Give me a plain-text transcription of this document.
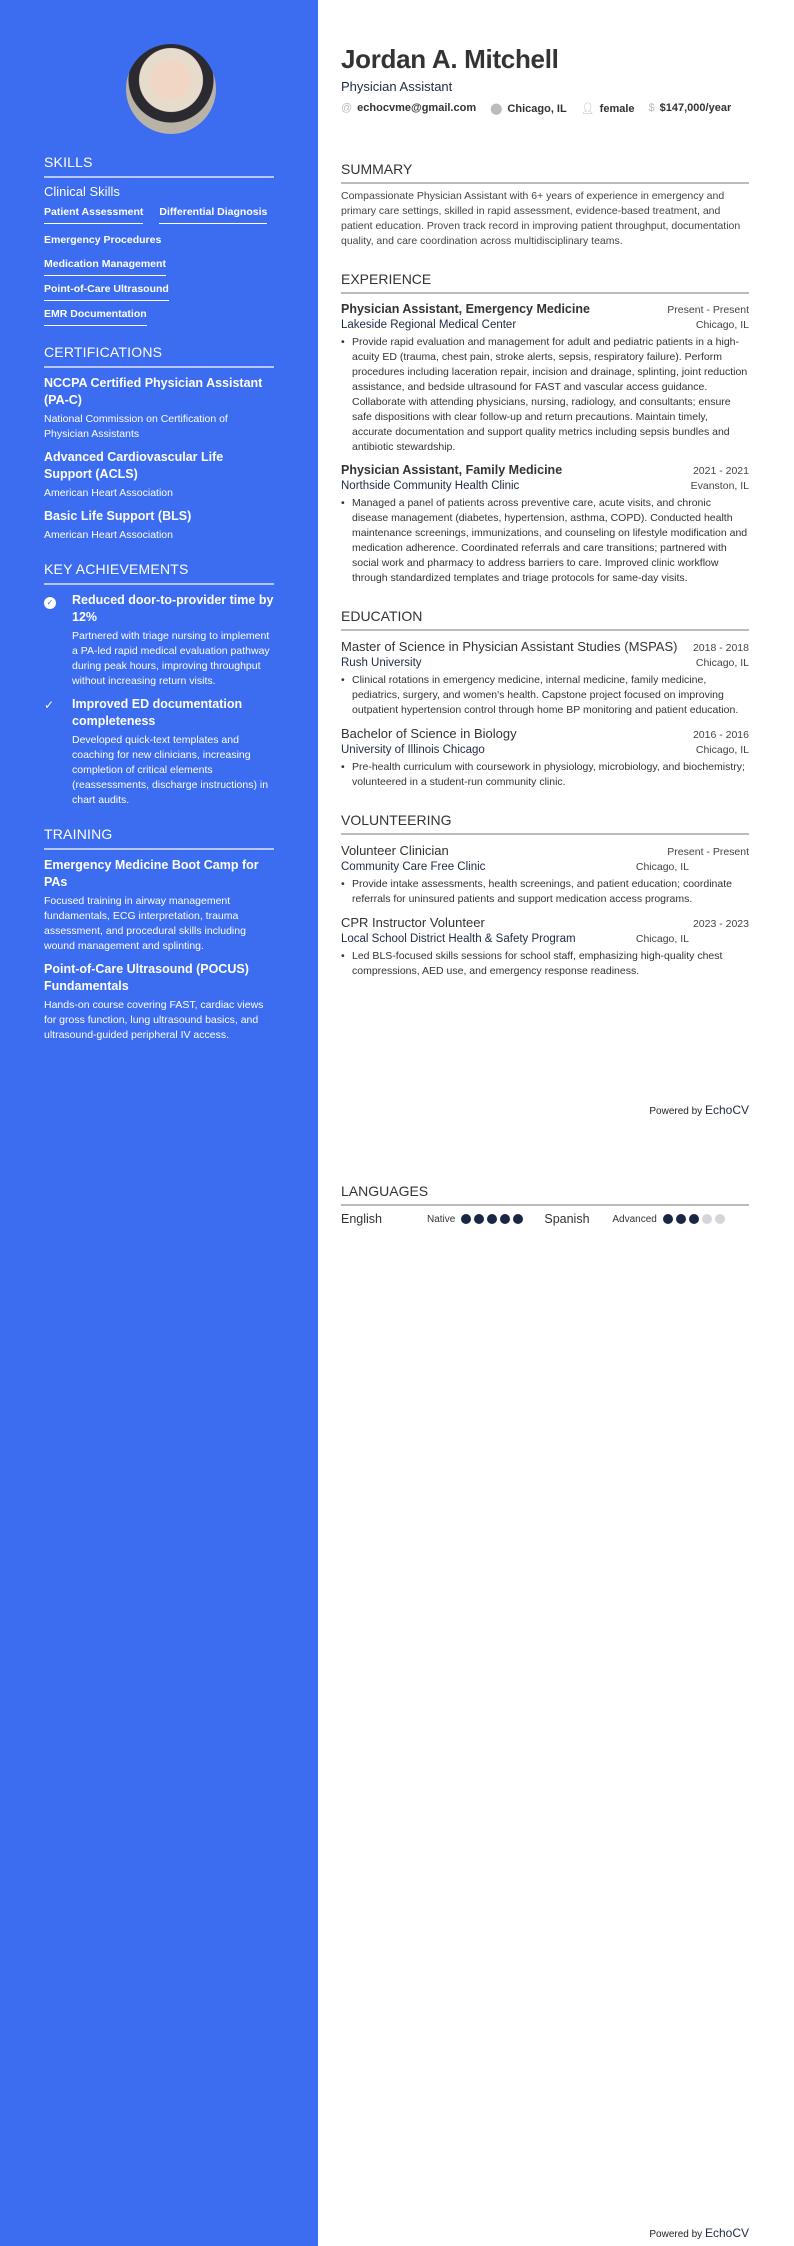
SKILLS
Clinical Skills
Patient Assessment Differential Diagnosis
Emergency Procedures
Medication Management
Point-of-Care Ultrasound
EMR Documentation
CERTIFICATIONS
NCCPA Certified Physician Assistant (PA-C)
National Commission on Certification of Physician Assistants
Advanced Cardiovascular Life Support (ACLS)
American Heart Association
Basic Life Support (BLS)
American Heart Association
KEY ACHIEVEMENTS
✓	Reduced door-to-provider time by 12%
Partnered with triage nursing to implement a PA-led rapid medical evaluation pathway during peak hours, improving throughput without increasing return visits.
✓	Improved ED documentation completeness
Developed quick-text templates and coaching for new clinicians, increasing completion of critical elements (reassessments, discharge instructions) in chart audits.
TRAINING
Emergency Medicine Boot Camp for PAs
Focused training in airway management fundamentals, ECG interpretation, trauma assessment, and procedural skills including wound management and splinting.
Point-of-Care Ultrasound (POCUS) Fundamentals
Hands-on course covering FAST, cardiac views for gross function, lung ultrasound basics, and ultrasound-guided peripheral IV access.
Jordan A. Mitchell
Physician Assistant
@ echocvme@gmail.com ⬤ Chicago, IL 👤︎ female $ $147,000/year
SUMMARY
Compassionate Physician Assistant with 6+ years of experience in emergency and primary care settings, skilled in rapid assessment, evidence-based treatment, and patient education. Proven track record in improving patient throughput, documentation quality, and care coordination across multidisciplinary teams.
EXPERIENCE
Physician Assistant, Emergency Medicine	Present - Present
Lakeside Regional Medical Center	Chicago, IL
• Provide rapid evaluation and management for adult and pediatric patients in a high-acuity ED (trauma, chest pain, stroke alerts, sepsis, respiratory failure). Perform procedures including laceration repair, incision and drainage, splinting, joint reduction assistance, and bedside ultrasound for FAST and vascular access guidance. Collaborate with attending physicians, nursing, radiology, and consultants; ensure safe dispositions with clear follow-up and return precautions. Maintain timely, accurate documentation and support quality metrics including sepsis bundles and antibiotic stewardship.
Physician Assistant, Family Medicine	2021 - 2021
Northside Community Health Clinic	Evanston, IL
• Managed a panel of patients across preventive care, acute visits, and chronic disease management (diabetes, hypertension, asthma, COPD). Conducted health maintenance screenings, immunizations, and counseling on lifestyle modification and medication adherence. Coordinated referrals and care transitions; partnered with social work and pharmacy to address barriers to care. Improved clinic workflow through standardized templates and triage protocols for same-day visits.
EDUCATION
Master of Science in Physician Assistant Studies (MSPAS) 2018 - 2018
Rush University	Chicago, IL
• Clinical rotations in emergency medicine, internal medicine, family medicine, pediatrics, surgery, and women's health. Capstone project focused on improving outpatient hypertension control through home BP monitoring and patient education.
Bachelor of Science in Biology	2016 - 2016
University of Illinois Chicago	Chicago, IL
• Pre-health curriculum with coursework in physiology, microbiology, and biochemistry; volunteered in a student-run community clinic.
VOLUNTEERING
Volunteer Clinician	Present - Present
Community Care Free Clinic	Chicago, IL
• Provide intake assessments, health screenings, and patient education; coordinate referrals for uninsured patients and support medication access programs.
CPR Instructor Volunteer	2023 - 2023
Local School District Health & Safety Program	Chicago, IL
• Led BLS-focused skills sessions for school staff, emphasizing high-quality chest compressions, AED use, and emergency response readiness.
Powered by EchoCV
LANGUAGES
English	Native	Spanish	Advanced
Powered by EchoCV
